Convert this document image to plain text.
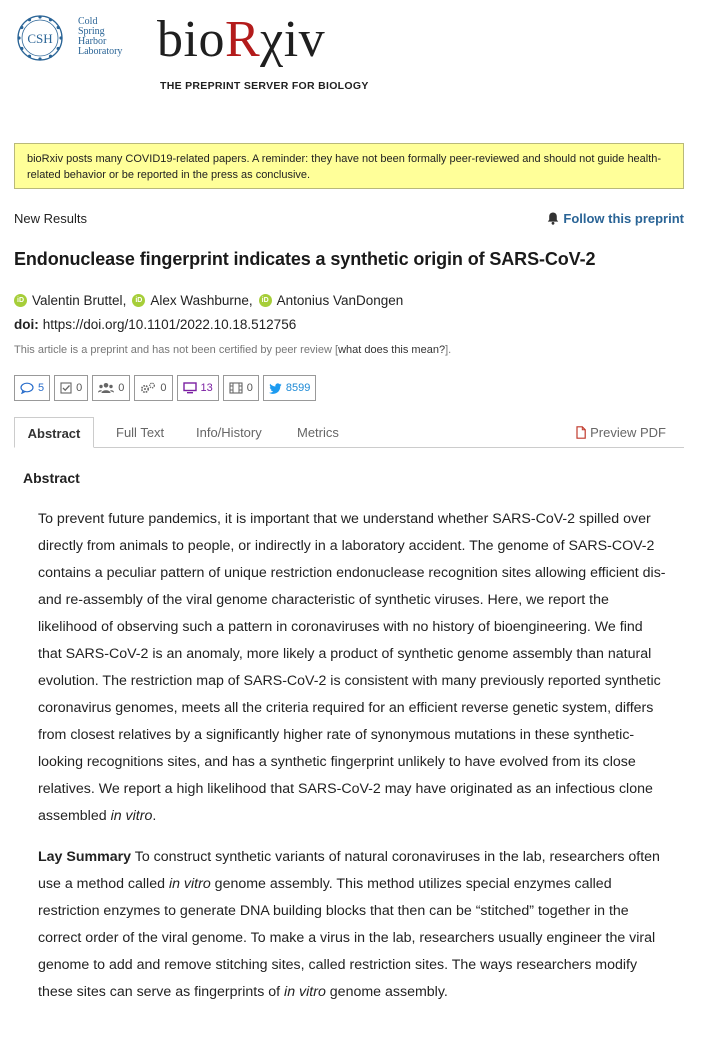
CSH
Cold
Spring
Harbor
Laboratory bioRχiv
THE PREPRINT SERVER FOR BIOLOGY
bioRxiv posts many COVID19-related papers. A reminder: they have not been formally peer-reviewed and should not guide health-related behavior or be reported in the press as conclusive.
New Results	Follow this preprint
Endonuclease fingerprint indicates a synthetic origin of SARS-CoV-2
iD Valentin Bruttel ,	iD Alex Washburne ,	iD Antonius VanDongen
doi: https://doi.org/10.1101/2022.10.18.512756
This article is a preprint and has not been certified by peer review [what does this mean?].
5	0	0	0	13	0	8599
Abstract	Full Text Info/History	Metrics	Preview PDF
Abstract

To prevent future pandemics, it is important that we understand whether SARS-CoV-2 spilled over directly from animals to people, or indirectly in a laboratory accident. The genome of SARS-COV-2 contains a peculiar pattern of unique restriction endonuclease recognition sites allowing efficient dis- and re-assembly of the viral genome characteristic of synthetic viruses. Here, we report the likelihood of observing such a pattern in coronaviruses with no history of bioengineering. We find that SARS-CoV-2 is an anomaly, more likely a product of synthetic genome assembly than natural evolution. The restriction map of SARS-CoV-2 is consistent with many previously reported synthetic coronavirus genomes, meets all the criteria required for an efficient reverse genetic system, differs from closest relatives by a significantly higher rate of synonymous mutations in these synthetic-looking recognitions sites, and has a synthetic fingerprint unlikely to have evolved from its close relatives. We report a high likelihood that SARS-CoV-2 may have originated as an infectious clone assembled in vitro.

Lay Summary To construct synthetic variants of natural coronaviruses in the lab, researchers often use a method called in vitro genome assembly. This method utilizes special enzymes called restriction enzymes to generate DNA building blocks that then can be “stitched” together in the correct order of the viral genome. To make a virus in the lab, researchers usually engineer the viral genome to add and remove stitching sites, called restriction sites. The ways researchers modify these sites can serve as fingerprints of in vitro genome assembly.
